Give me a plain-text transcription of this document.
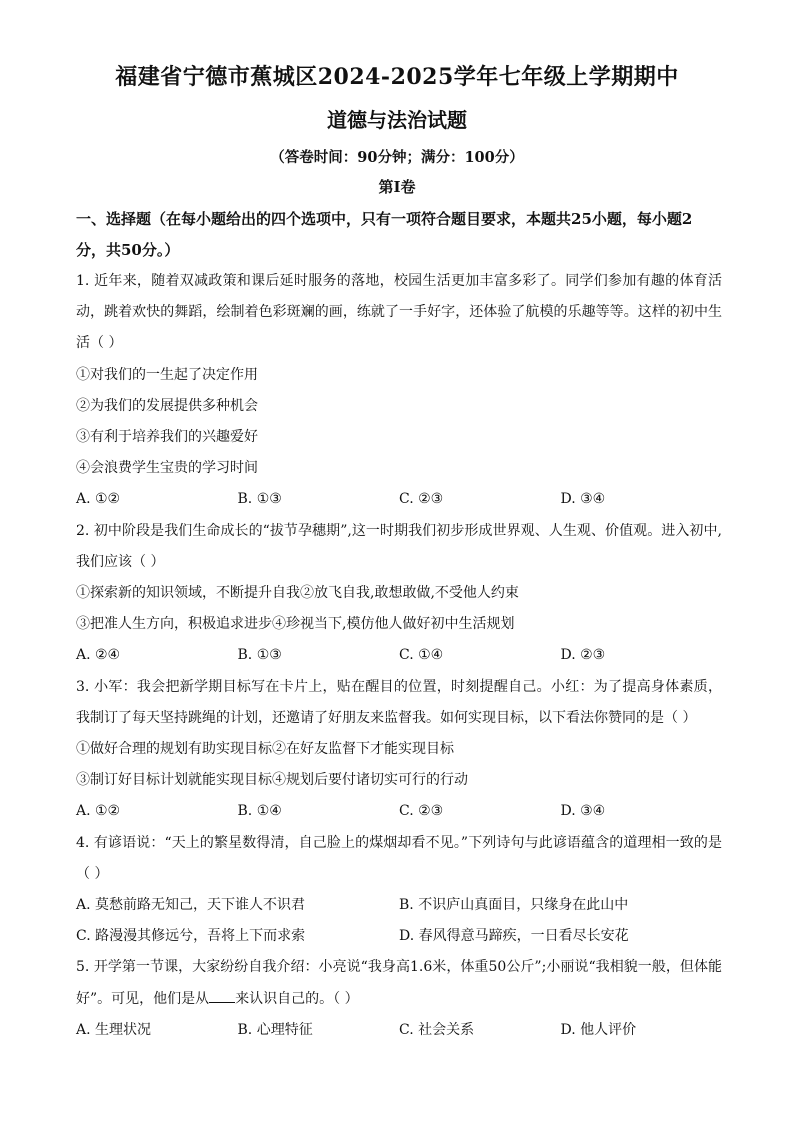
福建省宁德市蕉城区2024-2025学年七年级上学期期中
道德与法治试题
（答卷时间：90分钟；满分：100分）
第Ⅰ卷
一、选择题（在每小题给出的四个选项中，只有一项符合题目要求，本题共25小题，每小题2分，共50分。）
1. 近年来，随着双减政策和课后延时服务的落地，校园生活更加丰富多彩了。同学们参加有趣的体育活动，跳着欢快的舞蹈，绘制着色彩斑斓的画，练就了一手好字，还体验了航模的乐趣等等。这样的初中生活（ ）
①对我们的一生起了决定作用
②为我们的发展提供多种机会
③有利于培养我们的兴趣爱好
④会浪费学生宝贵的学习时间
A. ①②	B. ①③	C. ②③	D. ③④
2. 初中阶段是我们生命成长的“拔节孕穗期”,这一时期我们初步形成世界观、人生观、价值观。进入初中,我们应该（ ）
①探索新的知识领域，不断提升自我②放飞自我,敢想敢做,不受他人约束
③把准人生方向，积极追求进步④珍视当下,模仿他人做好初中生活规划
A. ②④	B. ①③	C. ①④	D. ②③
3. 小军：我会把新学期目标写在卡片上，贴在醒目的位置，时刻提醒自己。小红：为了提高身体素质，我制订了每天坚持跳绳的计划，还邀请了好朋友来监督我。如何实现目标，以下看法你赞同的是（ ）
①做好合理的规划有助实现目标②在好友监督下才能实现目标
③制订好目标计划就能实现目标④规划后要付诸切实可行的行动
A. ①②	B. ①④	C. ②③	D. ③④
4. 有谚语说：“天上的繁星数得清，自己脸上的煤烟却看不见。”下列诗句与此谚语蕴含的道理相一致的是（ ）
A. 莫愁前路无知己，天下谁人不识君	B. 不识庐山真面目，只缘身在此山中
C. 路漫漫其修远兮，吾将上下而求索	D. 春风得意马蹄疾，一日看尽长安花
5. 开学第一节课，大家纷纷自我介绍：小亮说“我身高1.6米，体重50公斤”;小丽说“我相貌一般，但体能好”。可见，他们是从 来认识自己的。（ ）
A. 生理状况	B. 心理特征	C. 社会关系	D. 他人评价
